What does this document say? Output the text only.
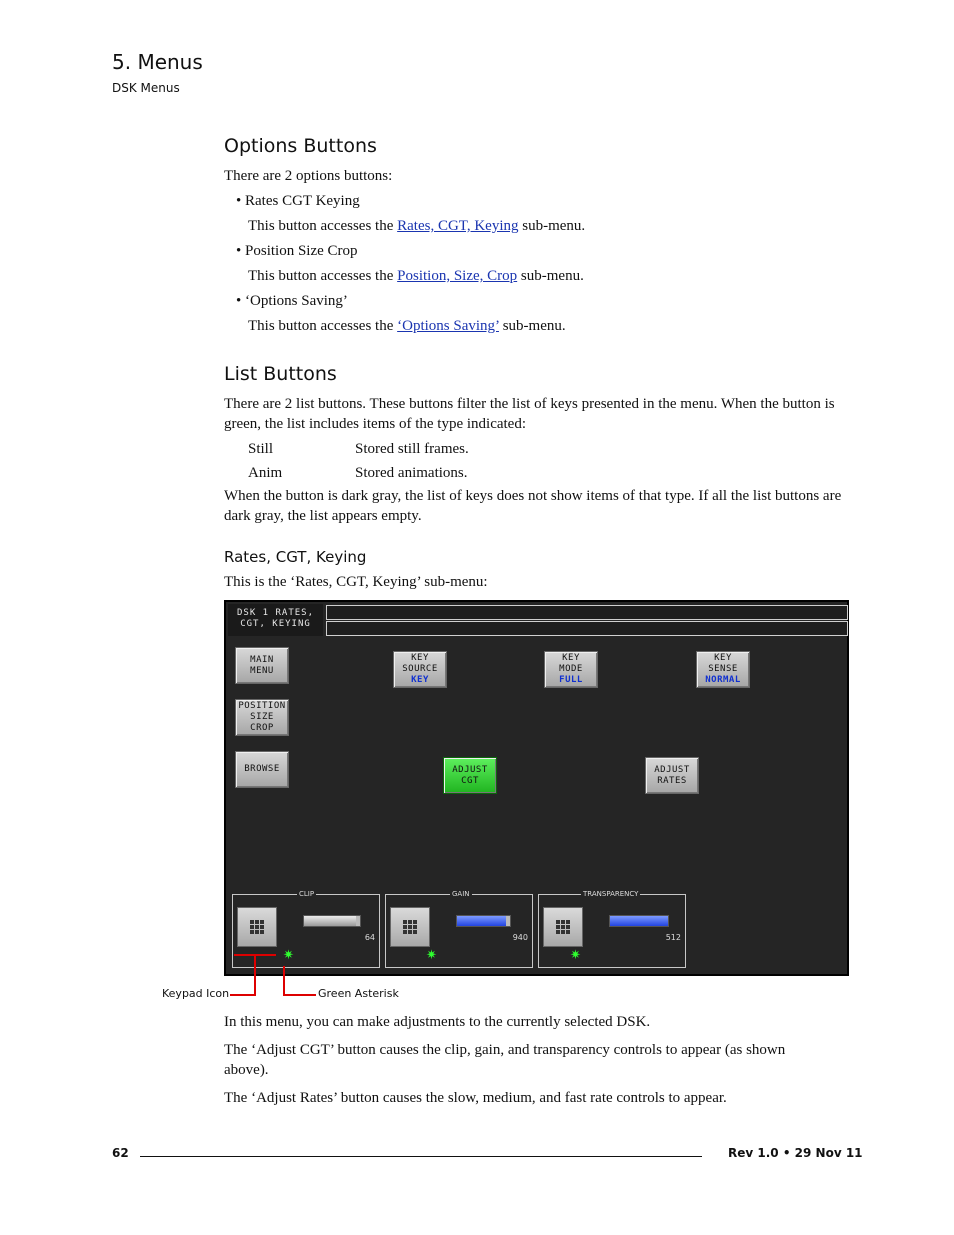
5. Menus
DSK Menus
Options Buttons
There are 2 options buttons:
• Rates CGT Keying
This button accesses the Rates, CGT, Keying sub-menu.
• Position Size Crop
This button accesses the Position, Size, Crop sub-menu.
• ‘Options Saving’
This button accesses the ‘Options Saving’ sub-menu.
List Buttons
There are 2 list buttons. These buttons filter the list of keys presented in the menu. When the button is green, the list includes items of the type indicated:
Still	Stored still frames.
Anim	Stored animations.
When the button is dark gray, the list of keys does not show items of that type. If all the list buttons are dark gray, the list appears empty.
Rates, CGT, Keying
This is the ‘Rates, CGT, Keying’ sub-menu:
DSK 1 RATES,
CGT, KEYING
MAIN
MENU
POSITION
SIZE
CROP
BROWSE
KEY
SOURCE
KEY
KEY
MODE
FULL
KEY
SENSE
NORMAL
ADJUST
CGT
ADJUST
RATES
CLIP
64
✷
GAIN
940
✷
TRANSPARENCY
512
✷
Keypad Icon	Green Asterisk
In this menu, you can make adjustments to the currently selected DSK.
The ‘Adjust CGT’ button causes the clip, gain, and transparency controls to appear (as shown above).
The ‘Adjust Rates’ button causes the slow, medium, and fast rate controls to appear.
62	Rev 1.0 • 29 Nov 11
